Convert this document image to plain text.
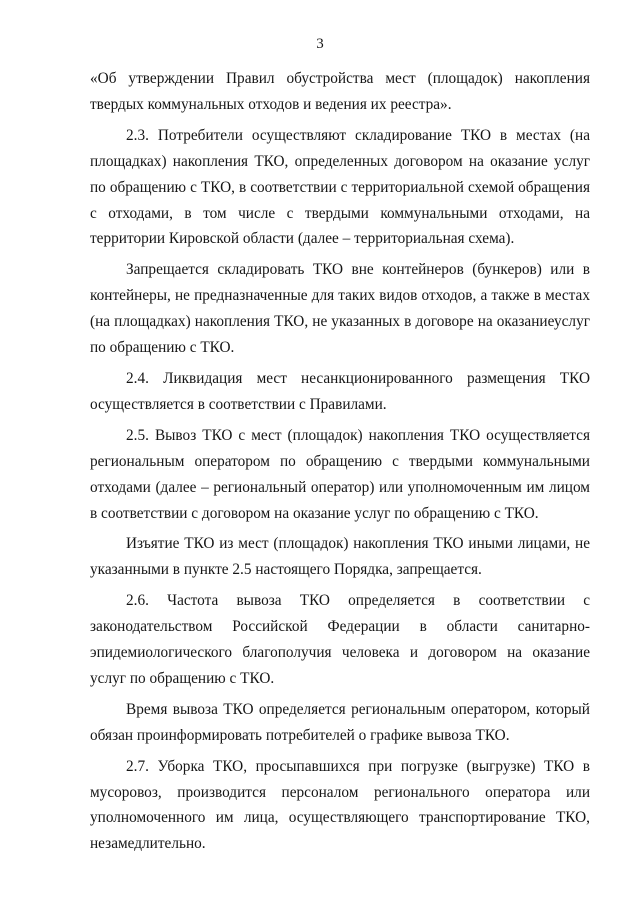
3

«Об утверждении Правил обустройства мест (площадок) накопления твердых коммунальных отходов и ведения их реестра».

2.3. Потребители осуществляют складирование ТКО в местах (на площадках) накопления ТКО, определенных договором на оказание услуг по обращению с ТКО, в соответствии с территориальной схемой обращения с отходами, в том числе с твердыми коммунальными отходами, на территории Кировской области (далее – территориальная схема).

Запрещается складировать ТКО вне контейнеров (бункеров) или в контейнеры, не предназначенные для таких видов отходов, а также в местах (на площадках) накопления ТКО, не указанных в договоре на оказаниеуслуг по обращению с ТКО.

2.4. Ликвидация мест несанкционированного размещения ТКО осуществляется в соответствии с Правилами.

2.5. Вывоз ТКО с мест (площадок) накопления ТКО осуществляется региональным оператором по обращению с твердыми коммунальными отходами (далее – региональный оператор) или уполномоченным им лицом в соответствии с договором на оказание услуг по обращению с ТКО.

Изъятие ТКО из мест (площадок) накопления ТКО иными лицами, не указанными в пункте 2.5 настоящего Порядка, запрещается.

2.6. Частота вывоза ТКО определяется в соответствии с законодательством Российской Федерации в области санитарно-эпидемиологического благополучия человека и договором на оказание услуг по обращению с ТКО.

Время вывоза ТКО определяется региональным оператором, который обязан проинформировать потребителей о графике вывоза ТКО.

2.7. Уборка ТКО, просыпавшихся при погрузке (выгрузке) ТКО в мусоровоз, производится персоналом регионального оператора или уполномоченного им лица, осуществляющего транспортирование ТКО, незамедлительно.
